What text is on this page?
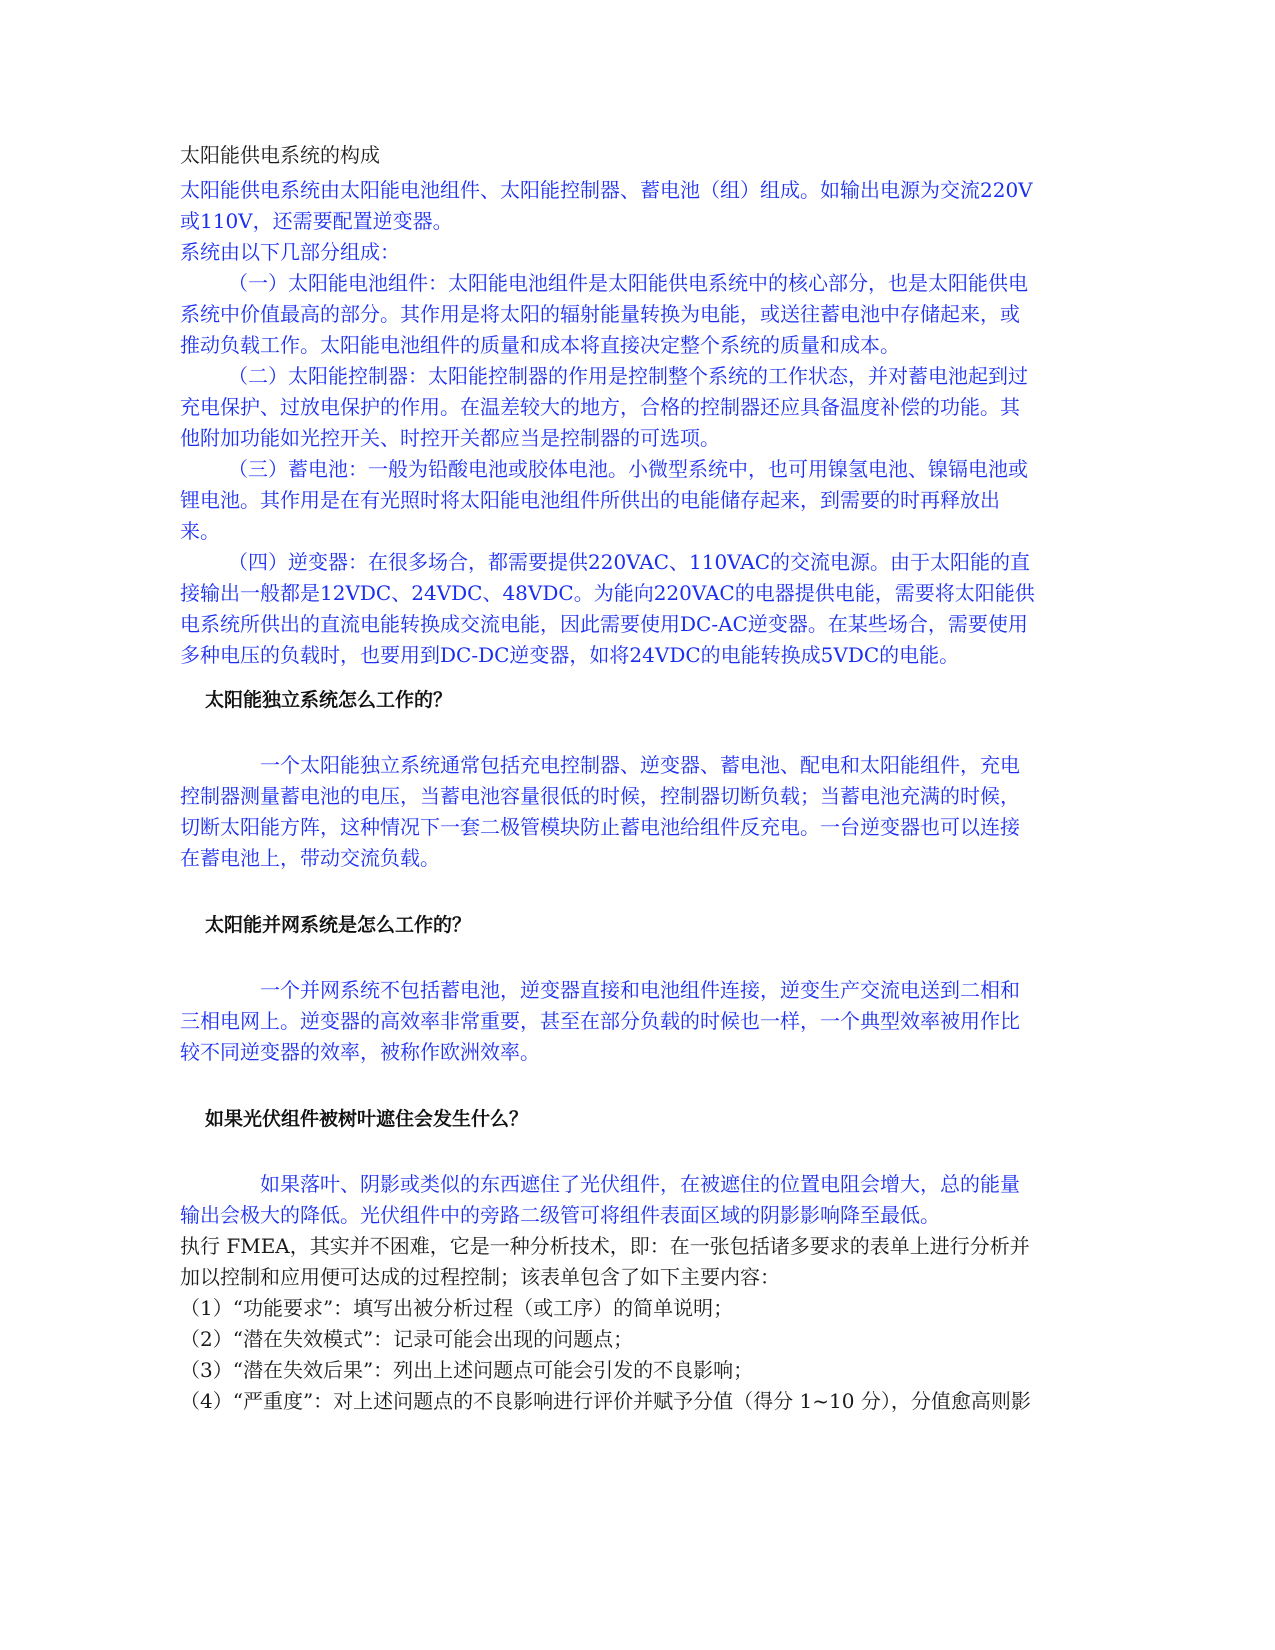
太阳能供电系统的构成

太阳能供电系统由太阳能电池组件、太阳能控制器、蓄电池（组）组成。如输出电源为交流220V或110V，还需要配置逆变器。

系统由以下几部分组成：

（一）太阳能电池组件：太阳能电池组件是太阳能供电系统中的核心部分，也是太阳能供电系统中价值最高的部分。其作用是将太阳的辐射能量转换为电能，或送往蓄电池中存储起来，或推动负载工作。太阳能电池组件的质量和成本将直接决定整个系统的质量和成本。

（二）太阳能控制器：太阳能控制器的作用是控制整个系统的工作状态，并对蓄电池起到过充电保护、过放电保护的作用。在温差较大的地方，合格的控制器还应具备温度补偿的功能。其他附加功能如光控开关、时控开关都应当是控制器的可选项。

（三）蓄电池：一般为铅酸电池或胶体电池。小微型系统中，也可用镍氢电池、镍镉电池或锂电池。其作用是在有光照时将太阳能电池组件所供出的电能储存起来，到需要的时再释放出来。

（四）逆变器：在很多场合，都需要提供220VAC、110VAC的交流电源。由于太阳能的直接输出一般都是12VDC、24VDC、48VDC。为能向220VAC的电器提供电能，需要将太阳能供电系统所供出的直流电能转换成交流电能，因此需要使用DC-AC逆变器。在某些场合，需要使用多种电压的负载时，也要用到DC-DC逆变器，如将24VDC的电能转换成5VDC的电能。

太阳能独立系统怎么工作的？

一个太阳能独立系统通常包括充电控制器、逆变器、蓄电池、配电和太阳能组件，充电控制器测量蓄电池的电压，当蓄电池容量很低的时候，控制器切断负载；当蓄电池充满的时候，切断太阳能方阵，这种情况下一套二极管模块防止蓄电池给组件反充电。一台逆变器也可以连接在蓄电池上，带动交流负载。

太阳能并网系统是怎么工作的？

一个并网系统不包括蓄电池，逆变器直接和电池组件连接，逆变生产交流电送到二相和三相电网上。逆变器的高效率非常重要，甚至在部分负载的时候也一样，一个典型效率被用作比较不同逆变器的效率，被称作欧洲效率。

如果光伏组件被树叶遮住会发生什么？

如果落叶、阴影或类似的东西遮住了光伏组件，在被遮住的位置电阻会增大，总的能量输出会极大的降低。光伏组件中的旁路二级管可将组件表面区域的阴影影响降至最低。

执行 FMEA，其实并不困难，它是一种分析技术，即：在一张包括诸多要求的表单上进行分析并加以控制和应用便可达成的过程控制；该表单包含了如下主要内容：

（1）“功能要求”：填写出被分析过程（或工序）的简单说明；

（2）“潜在失效模式”：记录可能会出现的问题点；

（3）“潜在失效后果”：列出上述问题点可能会引发的不良影响；

（4）“严重度”：对上述问题点的不良影响进行评价并赋予分值（得分 1~10 分），分值愈高则影
